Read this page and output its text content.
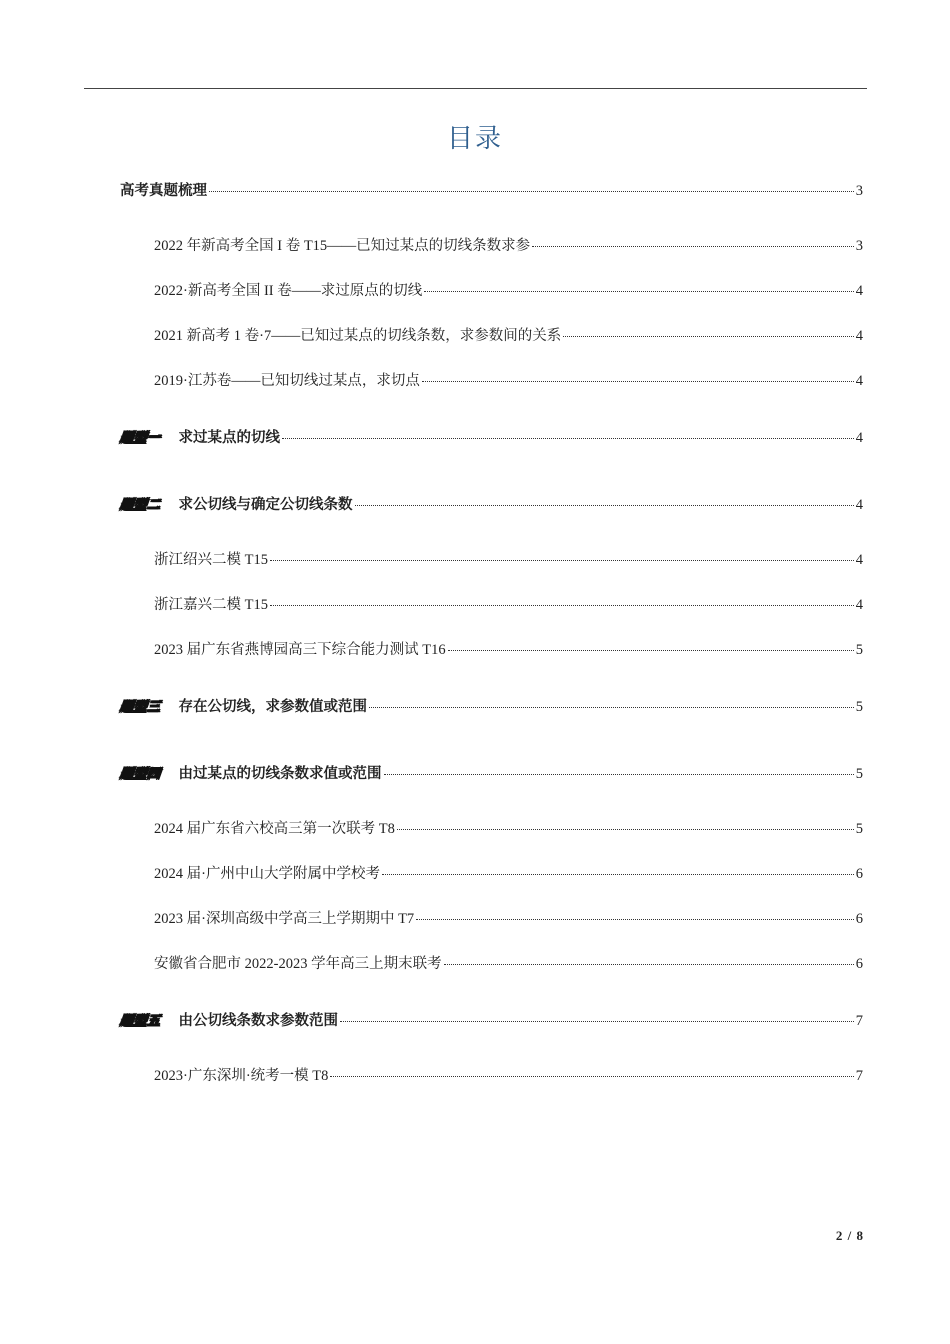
目录
高考真题梳理	3
2022 年新高考全国 I 卷 T15——已知过某点的切线条数求参	3
2022·新高考全国 II 卷——求过原点的切线	4
2021 新高考 1 卷·7——已知过某点的切线条数，求参数间的关系	4
2019·江苏卷——已知切线过某点，求切点	4
题型一 求过某点的切线	4
题型二 求公切线与确定公切线条数	4
浙江绍兴二模 T15	4
浙江嘉兴二模 T15	4
2023 届广东省燕博园高三下综合能力测试 T16	5
题型三 存在公切线，求参数值或范围	5
题型四 由过某点的切线条数求值或范围	5
2024 届广东省六校高三第一次联考 T8	5
2024 届·广州中山大学附属中学校考	6
2023 届·深圳高级中学高三上学期期中 T7	6
安徽省合肥市 2022-2023 学年高三上期末联考	6
题型五 由公切线条数求参数范围	7
2023·广东深圳·统考一模 T8	7
2 / 8
